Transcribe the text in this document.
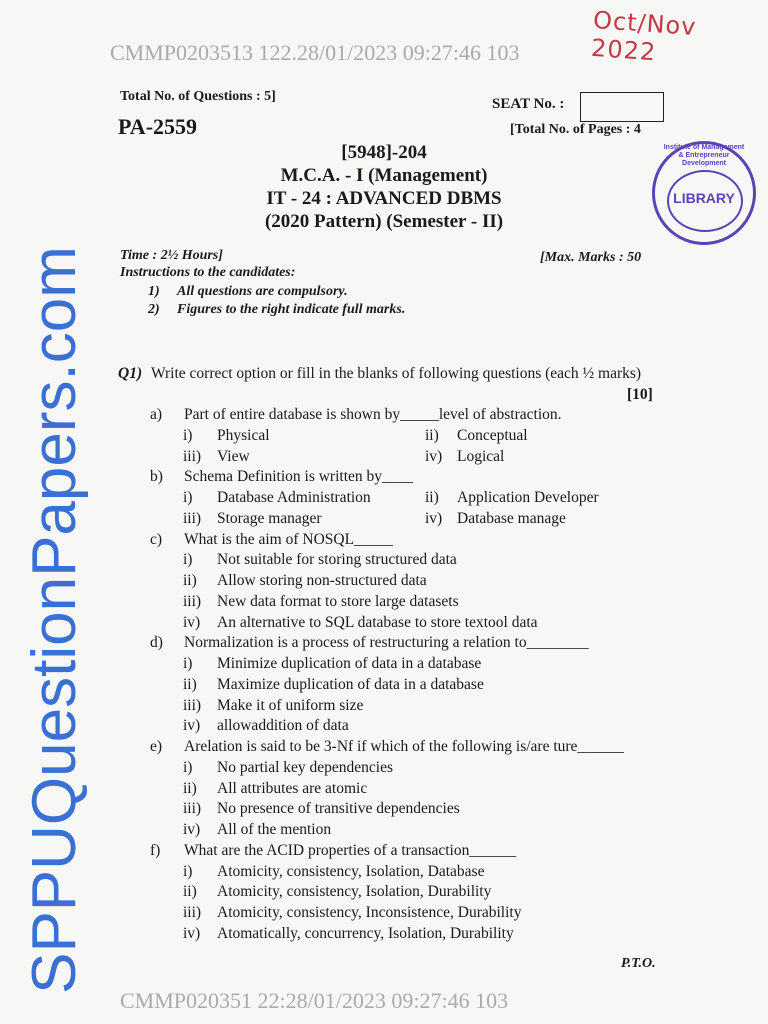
Oct/Nov 2022
Total No. of Questions : 5]	SEAT No. :
PA-2559	[Total No. of Pages : 4
[5948]-204
M.C.A. - I (Management)
IT - 24 : ADVANCED DBMS
(2020 Pattern) (Semester - II)
Institute of Management & Entrepreneur Development
LIBRARY
Time : 2½ Hours]	[Max. Marks : 50
Instructions to the candidates:
1) All questions are compulsory.
2) Figures to the right indicate full marks.
Q1) Write correct option or fill in the blanks of following questions (each ½ marks)
[10]
a) Part of entire database is shown by_____level of abstraction.
i) Physical	ii) Conceptual
iii) View	iv) Logical
b) Schema Definition is written by____
i) Database Administration	ii) Application Developer
iii) Storage manager	iv) Database manage
c) What is the aim of NOSQL_____
i) Not suitable for storing structured data
ii) Allow storing non-structured data
iii) New data format to store large datasets
iv) An alternative to SQL database to store textool data
d) Normalization is a process of restructuring a relation to________
i) Minimize duplication of data in a database
ii) Maximize duplication of data in a database
iii) Make it of uniform size
iv) allowaddition of data
e) Arelation is said to be 3-Nf if which of the following is/are ture______
i) No partial key dependencies
ii) All attributes are atomic
iii) No presence of transitive dependencies
iv) All of the mention
f) What are the ACID properties of a transaction______
i) Atomicity, consistency, Isolation, Database
ii) Atomicity, consistency, Isolation, Durability
iii) Atomicity, consistency, Inconsistence, Durability
iv) Atomatically, concurrency, Isolation, Durability
P.T.O.
CMMP0203513 122.28/01/2023 09:27:46 103
CMMP020351 22:28/01/2023 09:27:46 103
SPPUQuestionPapers.com
